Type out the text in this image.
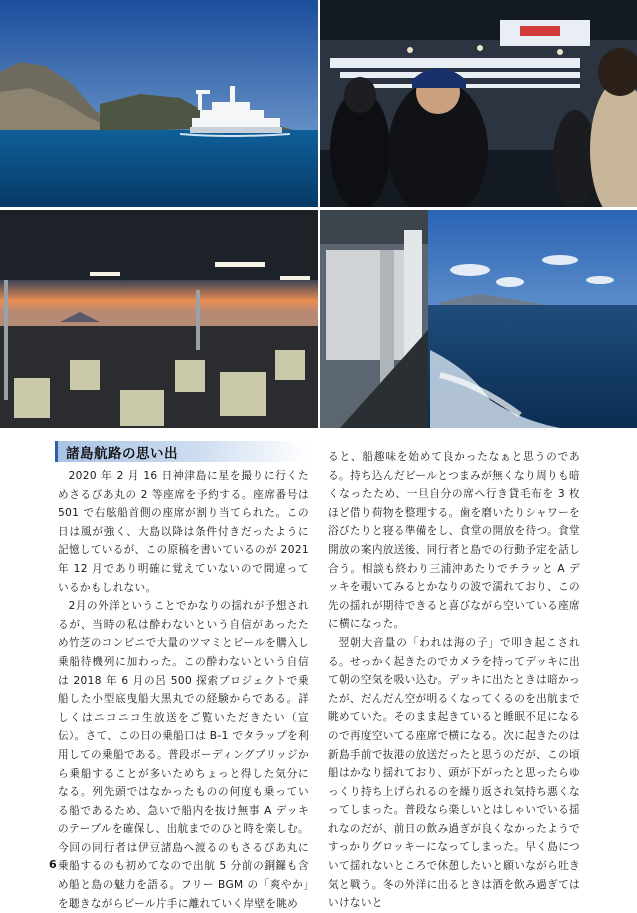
諸島航路の思い出

2020 年 2 月 16 日神津島に星を撮りに行くためさるびあ丸の 2 等座席を予約する。座席番号は 501 で右舷船首側の座席が割り当てられた。この日は風が強く、大島以降は条件付きだったように記憶しているが、この原稿を書いているのが 2021 年 12 月であり明確に覚えていないので間違っているかもしれない。

2月の外洋ということでかなりの揺れが予想されるが、当時の私は酔わないという自信があったため竹芝のコンビニで大量のツマミとビールを購入し乗船待機列に加わった。この酔わないという自信は 2018 年 6 月の呂 500 探索プロジェクトで乗船した小型底曳船大黒丸での経験からである。詳しくはニコニコ生放送をご覧いただきたい（宣伝）。さて、この日の乗船口は B-1 でタラップを利用しての乗船である。普段ボーディングブリッジから乗船することが多いためちょっと得した気分になる。列先頭ではなかったものの何度も乗っている船であるため、急いで船内を抜け無事 A デッキのテーブルを確保し、出航までのひと時を楽しむ。今回の同行者は伊豆諸島へ渡るのもさるびあ丸に乗船するのも初めてなので出航 5 分前の銅鑼も含め船と島の魅力を語る。フリー BGM の「爽やか」を聴きながらビール片手に離れていく岸壁を眺め

ると、船趣味を始めて良かったなぁと思うのである。持ち込んだビールとつまみが無くなり周りも暗くなったため、一旦自分の席へ行き貸毛布を 3 枚ほど借り荷物を整理する。歯を磨いたりシャワーを浴びたりと寝る準備をし、食堂の開放を待つ。食堂開放の案内放送後、同行者と島での行動予定を話し合う。相談も終わり三浦沖あたりでチラッと A デッキを覗いてみるとかなりの波で濡れており、この先の揺れが期待できると喜びながら空いている座席に横になった。

翌朝大音量の「われは海の子」で叩き起こされる。せっかく起きたのでカメラを持ってデッキに出て朝の空気を吸い込む。デッキに出たときは暗かったが、だんだん空が明るくなってくるのを出航まで眺めていた。そのまま起きていると睡眠不足になるので再度空いてる座席で横になる。次に起きたのは新島手前で抜港の放送だったと思うのだが、この頃船はかなり揺れており、頭が下がったと思ったらゆっくり持ち上げられるのを繰り返され気持ち悪くなってしまった。普段なら楽しいとはしゃいでいる揺れなのだが、前日の飲み過ぎが良くなかったようですっかりグロッキーになってしまった。早く島について揺れないところで休憩したいと願いながら吐き気と戦う。冬の外洋に出るときは酒を飲み過ぎてはいけないと

6
